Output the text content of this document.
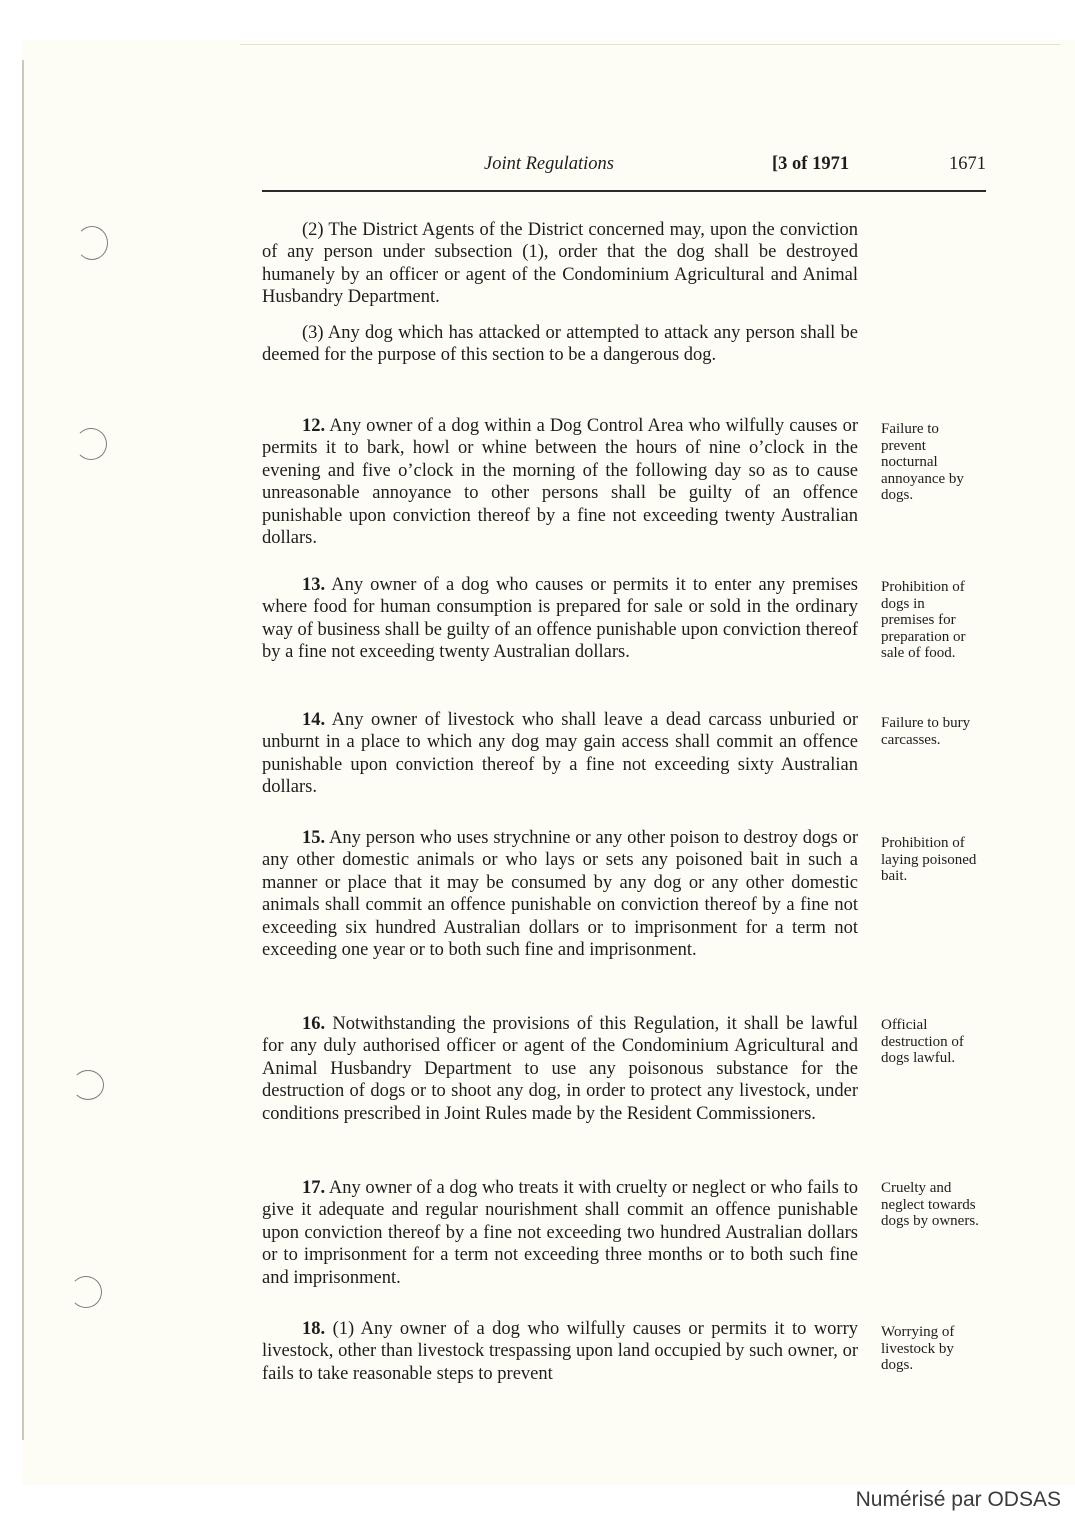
Joint Regulations	[3 of 1971	1671

(2) The District Agents of the District concerned may, upon the conviction of any person under subsection (1), order that the dog shall be destroyed humanely by an officer or agent of the Condominium Agricultural and Animal Husbandry Department.

(3) Any dog which has attacked or attempted to attack any person shall be deemed for the purpose of this section to be a dangerous dog.

12. Any owner of a dog within a Dog Control Area who wilfully causes or permits it to bark, howl or whine between the hours of nine o’clock in the evening and five o’clock in the morning of the following day so as to cause unreasonable annoyance to other persons shall be guilty of an offence punishable upon conviction thereof by a fine not exceeding twenty Australian dollars.

Failure to prevent nocturnal annoyance by dogs.

13. Any owner of a dog who causes or permits it to enter any premises where food for human consumption is prepared for sale or sold in the ordinary way of business shall be guilty of an offence punishable upon conviction thereof by a fine not exceeding twenty Australian dollars.

Prohibition of dogs in premises for preparation or sale of food.

14. Any owner of livestock who shall leave a dead carcass unburied or unburnt in a place to which any dog may gain access shall commit an offence punishable upon conviction thereof by a fine not exceeding sixty Australian dollars.

Failure to bury carcasses.

15. Any person who uses strychnine or any other poison to destroy dogs or any other domestic animals or who lays or sets any poisoned bait in such a manner or place that it may be consumed by any dog or any other domestic animals shall commit an offence punishable on conviction thereof by a fine not exceeding six hundred Australian dollars or to imprisonment for a term not exceeding one year or to both such fine and imprisonment.

Prohibition of laying poisoned bait.

16. Notwithstanding the provisions of this Regulation, it shall be lawful for any duly authorised officer or agent of the Condominium Agricultural and Animal Husbandry Department to use any poisonous substance for the destruction of dogs or to shoot any dog, in order to protect any livestock, under conditions prescribed in Joint Rules made by the Resident Commissioners.

Official destruction of dogs lawful.

17. Any owner of a dog who treats it with cruelty or neglect or who fails to give it adequate and regular nourishment shall commit an offence punishable upon conviction thereof by a fine not exceeding two hundred Australian dollars or to imprisonment for a term not exceeding three months or to both such fine and imprisonment.

Cruelty and neglect towards dogs by owners.

18. (1) Any owner of a dog who wilfully causes or permits it to worry livestock, other than livestock trespassing upon land occupied by such owner, or fails to take reasonable steps to prevent

Worrying of livestock by dogs.

Numérisé par ODSAS
